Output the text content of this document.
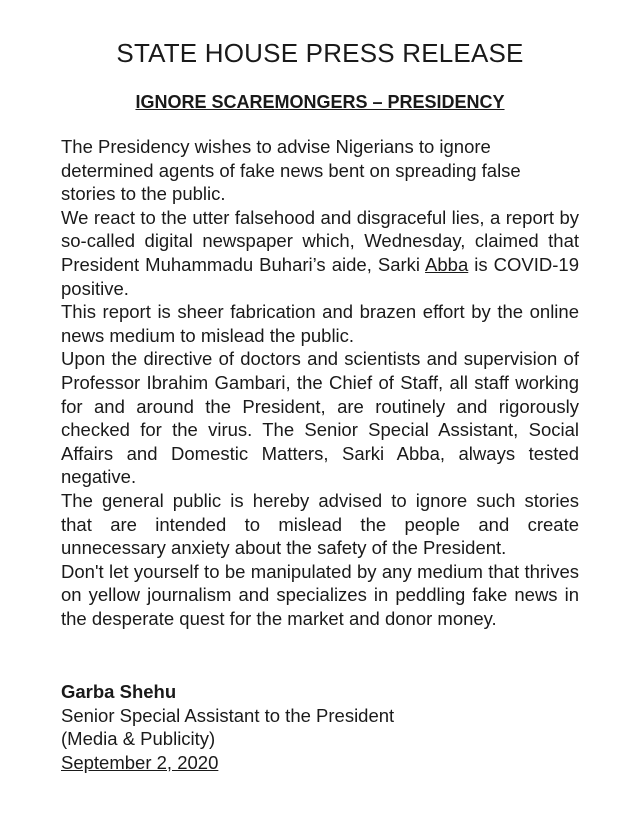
STATE HOUSE PRESS RELEASE
IGNORE SCAREMONGERS – PRESIDENCY

The Presidency wishes to advise Nigerians to ignore determined agents of fake news bent on spreading false stories to the public.

We react to the utter falsehood and disgraceful lies, a report by so-called digital newspaper which, Wednesday, claimed that President Muhammadu Buhari’s aide, Sarki Abba is COVID-19 positive.

This report is sheer fabrication and brazen effort by the online news medium to mislead the public.

Upon the directive of doctors and scientists and supervision of Professor Ibrahim Gambari, the Chief of Staff, all staff working for and around the President, are routinely and rigorously checked for the virus. The Senior Special Assistant, Social Affairs and Domestic Matters, Sarki Abba, always tested negative.

The general public is hereby advised to ignore such stories that are intended to mislead the people and create unnecessary anxiety about the safety of the President.

Don't let yourself to be manipulated by any medium that thrives on yellow journalism and specializes in peddling fake news in the desperate quest for the market and donor money.

Garba Shehu
Senior Special Assistant to the President
(Media & Publicity)
September 2, 2020
